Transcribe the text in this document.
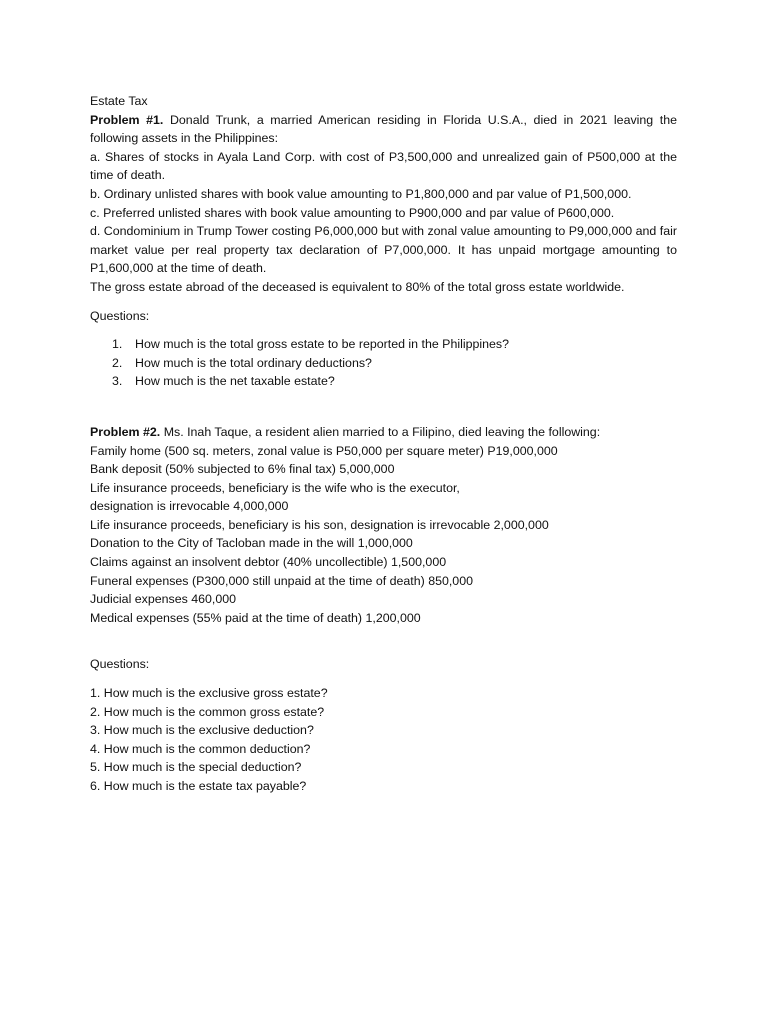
Estate Tax

Problem #1. Donald Trunk, a married American residing in Florida U.S.A., died in 2021 leaving the following assets in the Philippines:

a. Shares of stocks in Ayala Land Corp. with cost of P3,500,000 and unrealized gain of P500,000 at the time of death.

b. Ordinary unlisted shares with book value amounting to P1,800,000 and par value of P1,500,000.

c. Preferred unlisted shares with book value amounting to P900,000 and par value of P600,000.

d. Condominium in Trump Tower costing P6,000,000 but with zonal value amounting to P9,000,000 and fair market value per real property tax declaration of P7,000,000. It has unpaid mortgage amounting to P1,600,000 at the time of death.

The gross estate abroad of the deceased is equivalent to 80% of the total gross estate worldwide.

Questions:

1. How much is the total gross estate to be reported in the Philippines?
2. How much is the total ordinary deductions?
3. How much is the net taxable estate?

Problem #2. Ms. Inah Taque, a resident alien married to a Filipino, died leaving the following:

Family home (500 sq. meters, zonal value is P50,000 per square meter) P19,000,000
Bank deposit (50% subjected to 6% final tax) 5,000,000
Life insurance proceeds, beneficiary is the wife who is the executor,
designation is irrevocable 4,000,000
Life insurance proceeds, beneficiary is his son, designation is irrevocable 2,000,000
Donation to the City of Tacloban made in the will 1,000,000
Claims against an insolvent debtor (40% uncollectible) 1,500,000
Funeral expenses (P300,000 still unpaid at the time of death) 850,000
Judicial expenses 460,000
Medical expenses (55% paid at the time of death) 1,200,000

Questions:

1. How much is the exclusive gross estate?
2. How much is the common gross estate?
3. How much is the exclusive deduction?
4. How much is the common deduction?
5. How much is the special deduction?
6. How much is the estate tax payable?
